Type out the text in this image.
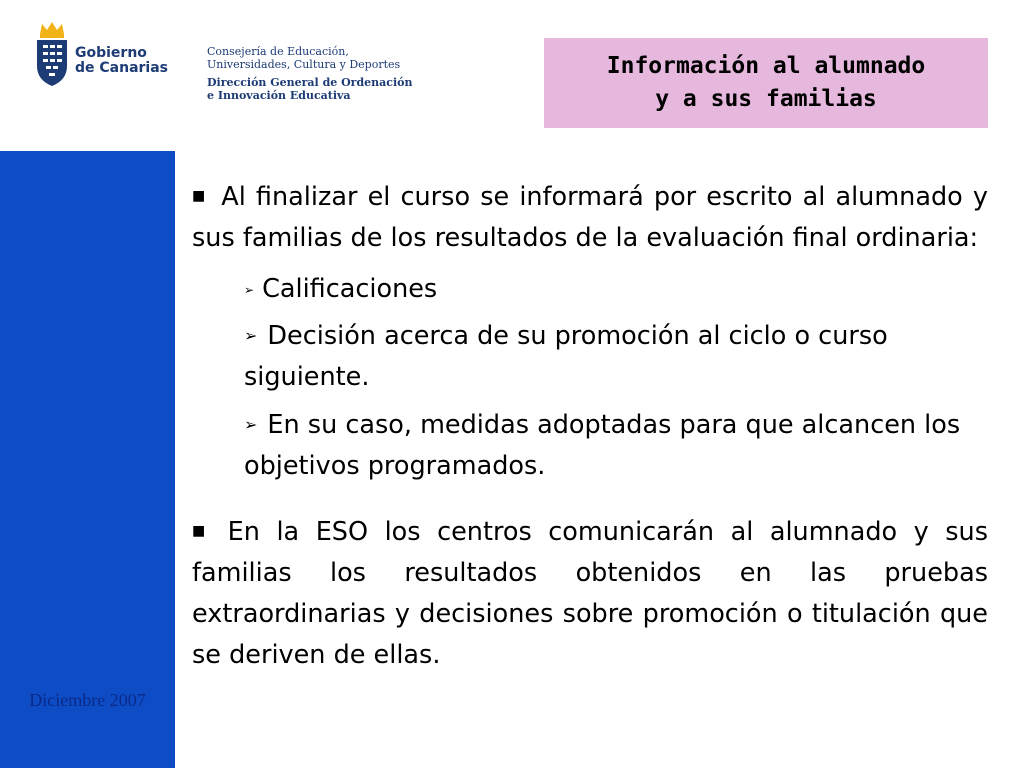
Gobierno
de Canarias
Consejería de Educación,
Universidades, Cultura y Deportes
Dirección General de Ordenación
e Innovación Educativa
Información al alumnado
y a sus familias
Diciembre 2007

■ Al finalizar el curso se informará por escrito al alumnado y sus familias de los resultados de la evaluación final ordinaria:

➢ Calificaciones

➢ Decisión acerca de su promoción al ciclo o curso siguiente.

➢ En su caso, medidas adoptadas para que alcancen los objetivos programados.

■ En la ESO los centros comunicarán al alumnado y sus familias los resultados obtenidos en las pruebas extraordinarias y decisiones sobre promoción o titulación que se deriven de ellas.
